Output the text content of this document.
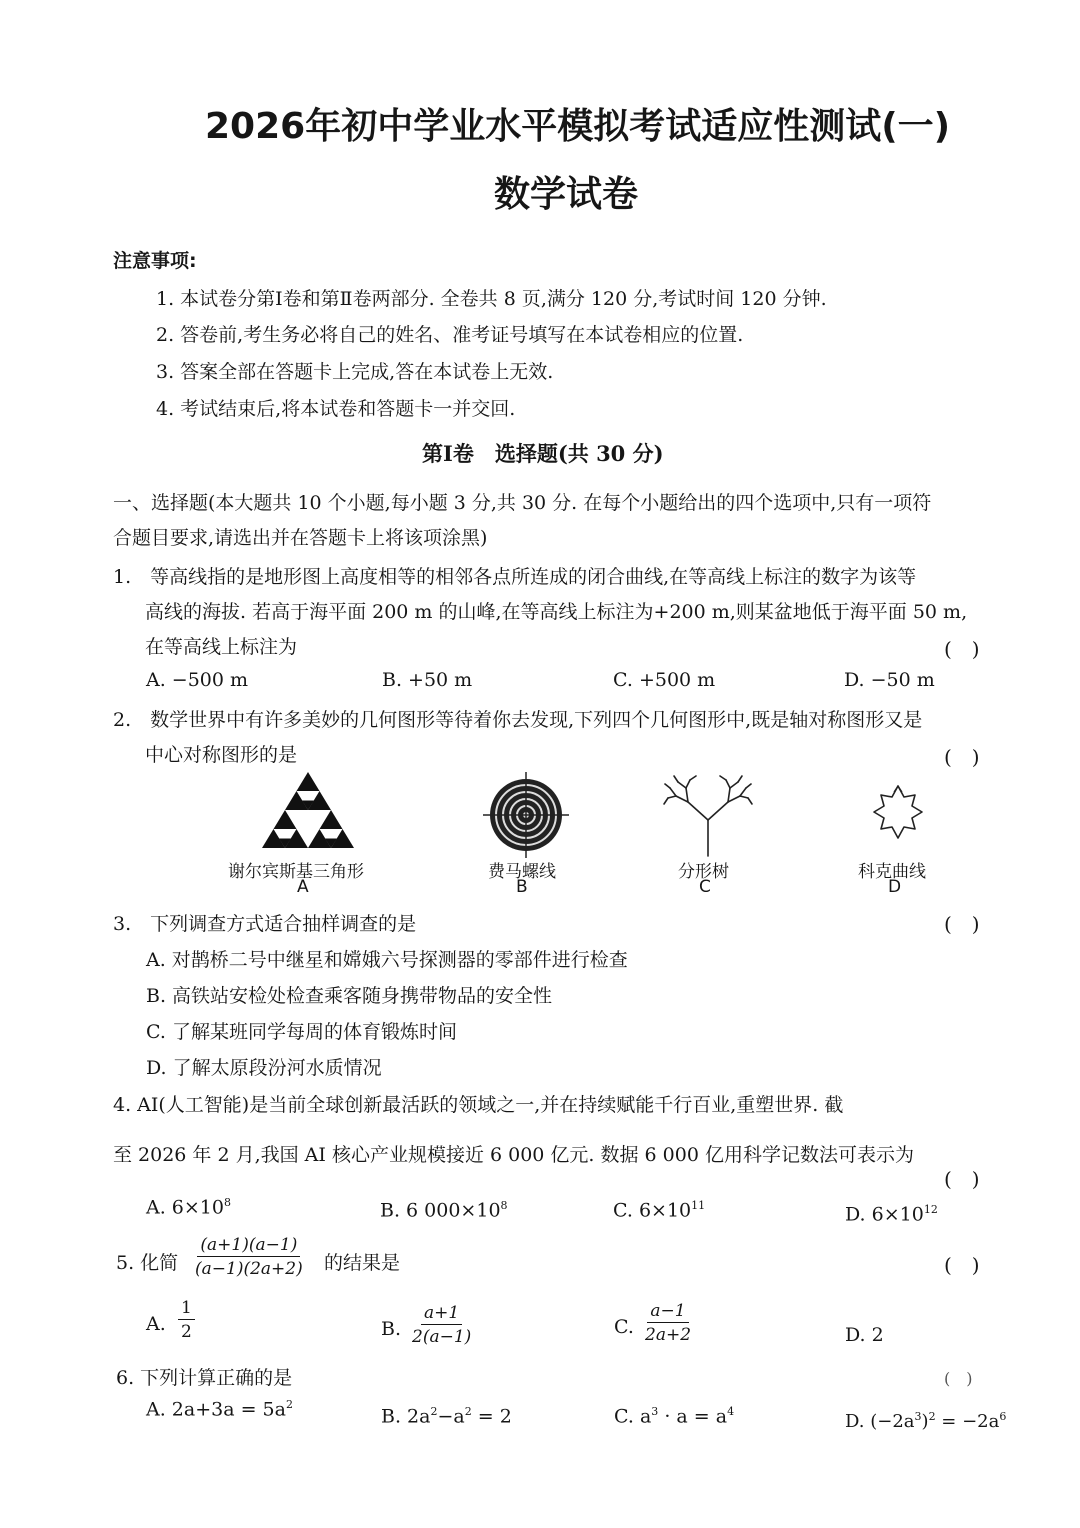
2026年初中学业水平模拟考试适应性测试(一)
数学试卷
注意事项:
1. 本试卷分第Ⅰ卷和第Ⅱ卷两部分. 全卷共 8 页,满分 120 分,考试时间 120 分钟.
2. 答卷前,考生务必将自己的姓名、准考证号填写在本试卷相应的位置.
3. 答案全部在答题卡上完成,答在本试卷上无效.
4. 考试结束后,将本试卷和答题卡一并交回.
第Ⅰ卷　选择题(共 30 分)
一、选择题(本大题共 10 个小题,每小题 3 分,共 30 分. 在每个小题给出的四个选项中,只有一项符
合题目要求,请选出并在答题卡上将该项涂黑)
1.　等高线指的是地形图上高度相等的相邻各点所连成的闭合曲线,在等高线上标注的数字为该等
高线的海拔. 若高于海平面 200 m 的山峰,在等高线上标注为+200 m,则某盆地低于海平面 50 m,
在等高线上标注为	(　)
A. −500 m	B. +50 m	C. +500 m	D. −50 m
2.　数学世界中有许多美妙的几何图形等待着你去发现,下列四个几何图形中,既是轴对称图形又是
中心对称图形的是	(　)
谢尔宾斯基三角形
A
费马螺线
B
分形树
C
科克曲线
D
3.　下列调查方式适合抽样调查的是	(　)
A. 对鹊桥二号中继星和嫦娥六号探测器的零部件进行检查
B. 高铁站安检处检查乘客随身携带物品的安全性
C. 了解某班同学每周的体育锻炼时间
D. 了解太原段汾河水质情况
4. AI(人工智能)是当前全球创新最活跃的领域之一,并在持续赋能千行百业,重塑世界. 截
至 2026 年 2 月,我国 AI 核心产业规模接近 6 000 亿元. 数据 6 000 亿用科学记数法可表示为
(　)
A. $6\times 10^8$	B. 6 $000\times 10^8$	C. $6\times 10^{11}$	D. $6\times 10^{12}$
5. 化简 $\frac{(a+1)(a-1)}{(a-1)(2a+2)}$ 的结果是	(　)
A. $\frac{1}{2}$	B. $\frac{a+1}{2(a-1)}$	C. $\frac{a-1}{2a+2}$	D. 2
6. 下列计算正确的是	(　)
A. $2a+3a = 5a^2$
B. $2a^2-a^2 = 2$	C. $a^3 \cdot a = a^4$	D. $(-2a^3)^2 = -2a^6$
